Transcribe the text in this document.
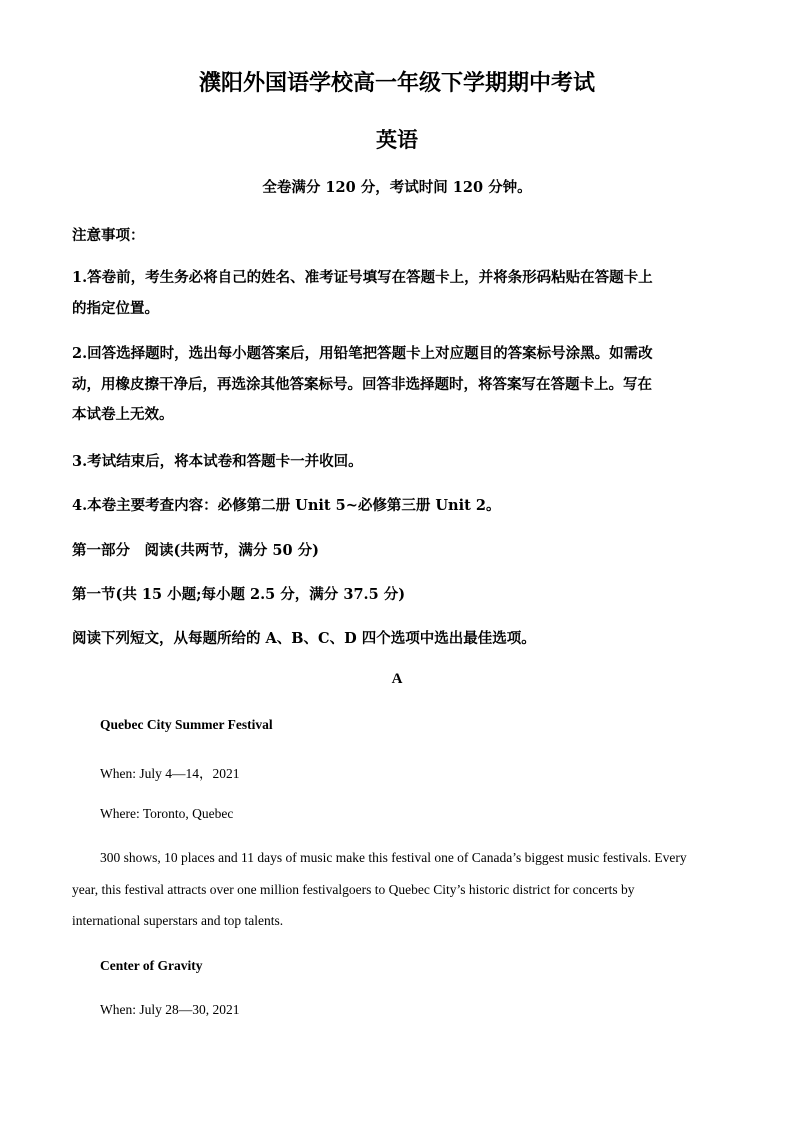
濮阳外国语学校高一年级下学期期中考试
英语

全卷满分 120 分，考试时间 120 分钟。

注意事项：

1.答卷前，考生务必将自己的姓名、准考证号填写在答题卡上，并将条形码粘贴在答题卡上

的指定位置。

2.回答选择题时，选出每小题答案后，用铅笔把答题卡上对应题目的答案标号涂黑。如需改

动，用橡皮擦干净后，再选涂其他答案标号。回答非选择题时，将答案写在答题卡上。写在

本试卷上无效。

3.考试结束后，将本试卷和答题卡一并收回。

4.本卷主要考查内容：必修第二册 Unit 5~必修第三册 Unit 2。

第一部分　阅读(共两节，满分 50 分)

第一节(共 15 小题;每小题 2.5 分，满分 37.5 分)

阅读下列短文，从每题所给的 A、B、C、D 四个选项中选出最佳选项。

A

Quebec City Summer Festival

When: July 4—14，2021

Where: Toronto, Quebec

300 shows, 10 places and 11 days of music make this festival one of Canada’s biggest music festivals. Every

year, this festival attracts over one million festivalgoers to Quebec City’s historic district for concerts by

international superstars and top talents.

Center of Gravity

When: July 28—30, 2021
